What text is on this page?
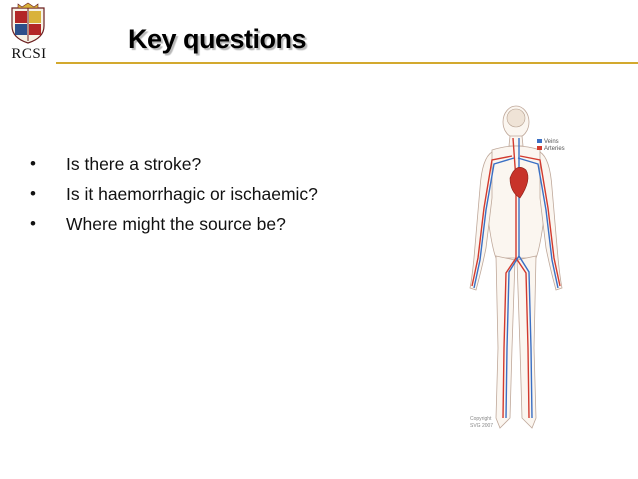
RCSI	Key questions
• Is there a stroke?
• Is it haemorrhagic or ischaemic?
• Where might the source be?
Veins
Arteries
Copyright
SVG 2007
